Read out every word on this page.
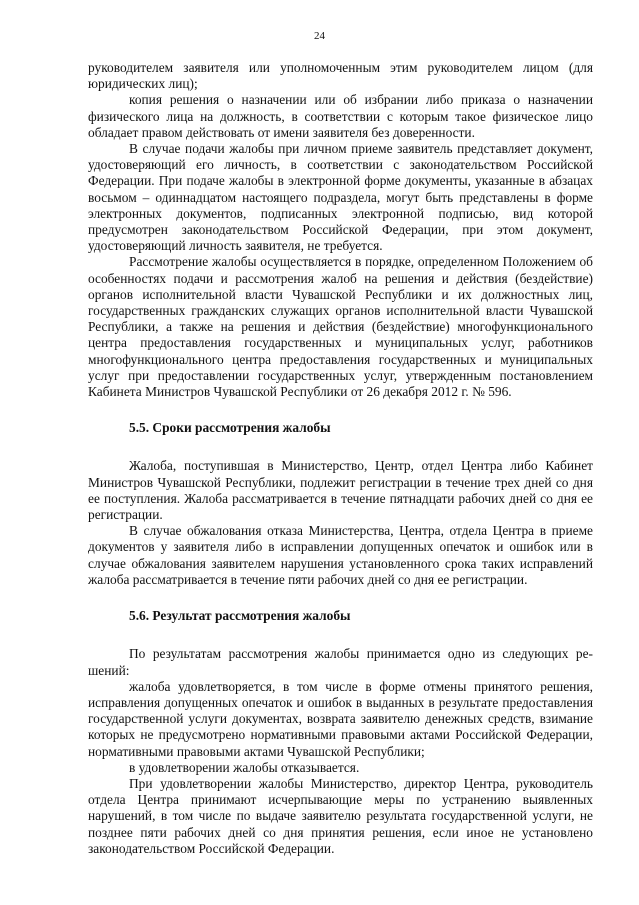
24

руководителем заявителя или уполномоченным этим руководителем лицом (для юридических лиц);

копия решения о назначении или об избрании либо приказа о назначении физического лица на должность, в соответствии с которым такое физическое лицо обладает правом действовать от имени заявителя без доверенности.

В случае подачи жалобы при личном приеме заявитель представляет документ, удостоверяющий его личность, в соответствии с законодательством Российской Федерации. При подаче жалобы в электронной форме документы, указанные в абзацах восьмом – одиннадцатом настоящего подраздела, могут быть представлены в форме электронных документов, подписанных электронной подписью, вид которой предусмотрен законодательством Российской Федерации, при этом документ, удостоверяющий личность заявителя, не требуется.

Рассмотрение жалобы осуществляется в порядке, определенном Положением об особенностях подачи и рассмотрения жалоб на решения и действия (бездействие) органов исполнительной власти Чувашской Республики и их должностных лиц, государственных гражданских служащих органов исполнительной власти Чувашской Республики, а также на решения и действия (бездействие) многофункционального центра предоставления государственных и муниципальных услуг, работников многофункционального центра предоставления государственных и муниципальных услуг при предоставлении государственных услуг, утвержденным постановлением Кабинета Министров Чувашской Республики от 26 декабря 2012 г. № 596.

5.5. Сроки рассмотрения жалобы

Жалоба, поступившая в Министерство, Центр, отдел Центра либо Кабинет Министров Чувашской Республики, подлежит регистрации в течение трех дней со дня ее поступления. Жалоба рассматривается в течение пятнадцати рабочих дней со дня ее регистрации.

В случае обжалования отказа Министерства, Центра, отдела Центра в приеме документов у заявителя либо в исправлении допущенных опечаток и ошибок или в случае обжалования заявителем нарушения установленного срока таких исправлений жалоба рассматривается в течение пяти рабочих дней со дня ее регистрации.

5.6. Результат рассмотрения жалобы

По результатам рассмотрения жалобы принимается одно из следующих решений:

жалоба удовлетворяется, в том числе в форме отмены принятого решения, исправления допущенных опечаток и ошибок в выданных в результате предоставления государственной услуги документах, возврата заявителю денежных средств, взимание которых не предусмотрено нормативными правовыми актами Российской Федерации, нормативными правовыми актами Чувашской Республики;

в удовлетворении жалобы отказывается.

При удовлетворении жалобы Министерство, директор Центра, руководитель отдела Центра принимают исчерпывающие меры по устранению выявленных нарушений, в том числе по выдаче заявителю результата государственной услуги, не позднее пяти рабочих дней со дня принятия решения, если иное не установлено законодательством Российской Федерации.
